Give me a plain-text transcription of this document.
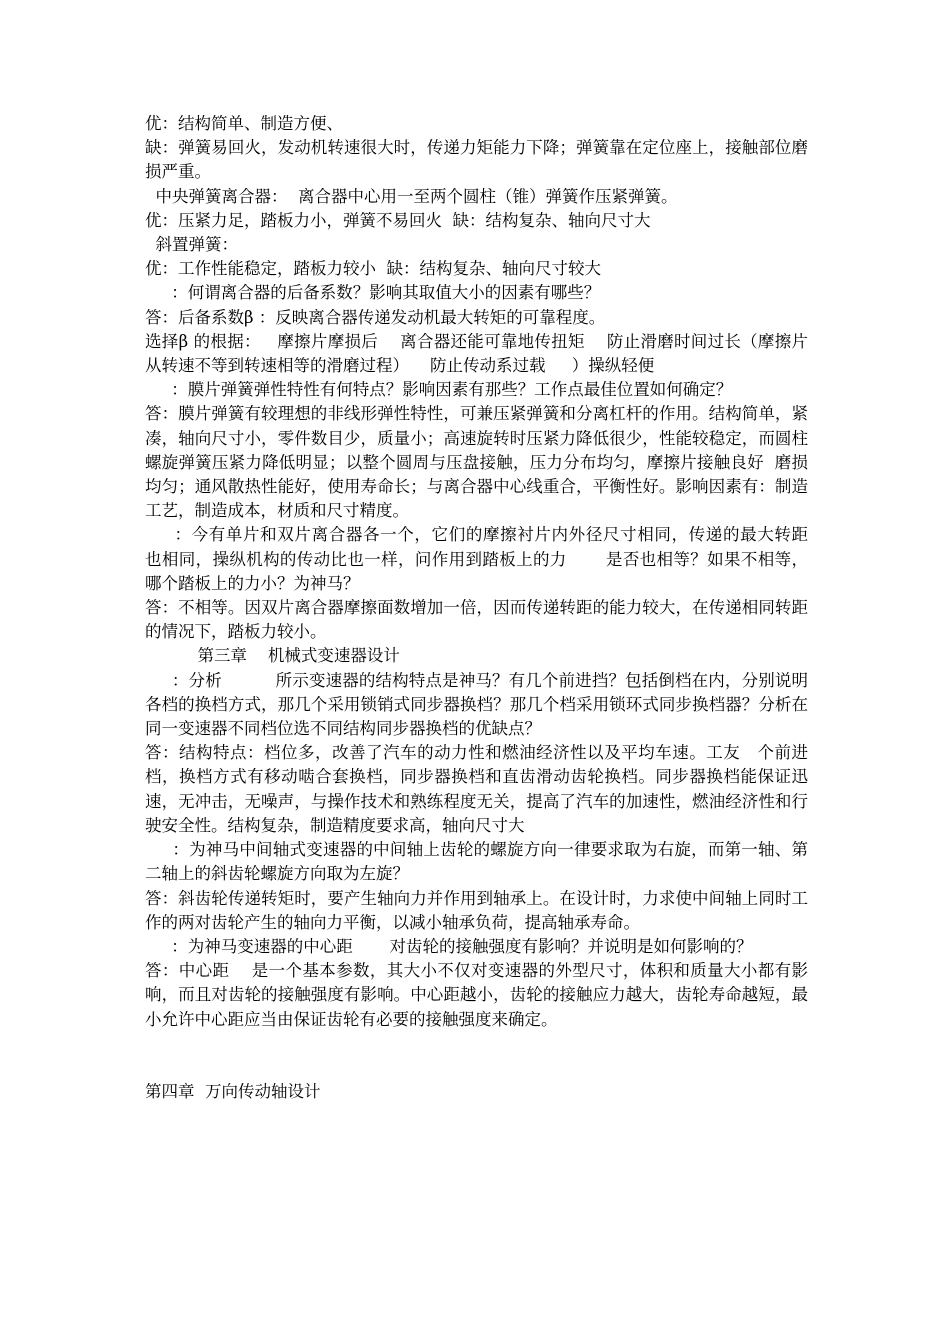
优：结构简单、制造方便、

缺：弹簧易回火，发动机转速很大时，传递力矩能力下降；弹簧靠在定位座上，接触部位磨损严重。

中央弹簧离合器：  离合器中心用一至两个圆柱（锥）弹簧作压紧弹簧。

优：压紧力足，踏板力小，弹簧不易回火  缺：结构复杂、轴向尺寸大

斜置弹簧：

优：工作性能稳定，踏板力较小  缺：结构复杂、轴向尺寸较大

：何谓离合器的后备系数？影响其取值大小的因素有哪些？

答：后备系数β ：反映离合器传递发动机最大转矩的可靠程度。

选择β 的根据：   摩擦片摩损后    离合器还能可靠地传扭矩    防止滑磨时间过长（摩擦片从转速不等到转速相等的滑磨过程）    防止传动系过载     ）操纵轻便

：膜片弹簧弹性特性有何特点？影响因素有那些？工作点最佳位置如何确定？

答：膜片弹簧有较理想的非线形弹性特性，可兼压紧弹簧和分离杠杆的作用。结构简单，紧凑，轴向尺寸小，零件数目少，质量小；高速旋转时压紧力降低很少，性能较稳定，而圆柱螺旋弹簧压紧力降低明显；以整个圆周与压盘接触，压力分布均匀，摩擦片接触良好  磨损均匀；通风散热性能好，使用寿命长；与离合器中心线重合，平衡性好。影响因素有：制造工艺，制造成本，材质和尺寸精度。

：今有单片和双片离合器各一个，它们的摩擦衬片内外径尺寸相同，传递的最大转距           也相同，操纵机构的传动比也一样，问作用到踏板上的力       是否也相等？如果不相等，哪个踏板上的力小？为神马？

答：不相等。因双片离合器摩擦面数增加一倍，因而传递转距的能力较大，在传递相同转距的情况下，踏板力较小。

第三章    机械式变速器设计

：分析          所示变速器的结构特点是神马？有几个前进挡？包括倒档在内，分别说明各档的换档方式，那几个采用锁销式同步器换档？那几个档采用锁环式同步换档器？分析在同一变速器不同档位选不同结构同步器换档的优缺点？

答：结构特点：档位多，改善了汽车的动力性和燃油经济性以及平均车速。工友   个前进档，换档方式有移动啮合套换档，同步器换档和直齿滑动齿轮换档。同步器换档能保证迅速，无冲击，无噪声，与操作技术和熟练程度无关，提高了汽车的加速性，燃油经济性和行驶安全性。结构复杂，制造精度要求高，轴向尺寸大

：为神马中间轴式变速器的中间轴上齿轮的螺旋方向一律要求取为右旋，而第一轴、第二轴上的斜齿轮螺旋方向取为左旋？

答：斜齿轮传递转矩时，要产生轴向力并作用到轴承上。在设计时，力求使中间轴上同时工作的两对齿轮产生的轴向力平衡，以减小轴承负荷，提高轴承寿命。

：为神马变速器的中心距       对齿轮的接触强度有影响？并说明是如何影响的？

答：中心距    是一个基本参数，其大小不仅对变速器的外型尺寸，体积和质量大小都有影响，而且对齿轮的接触强度有影响。中心距越小，齿轮的接触应力越大，齿轮寿命越短，最小允许中心距应当由保证齿轮有必要的接触强度来确定。

第四章  万向传动轴设计
